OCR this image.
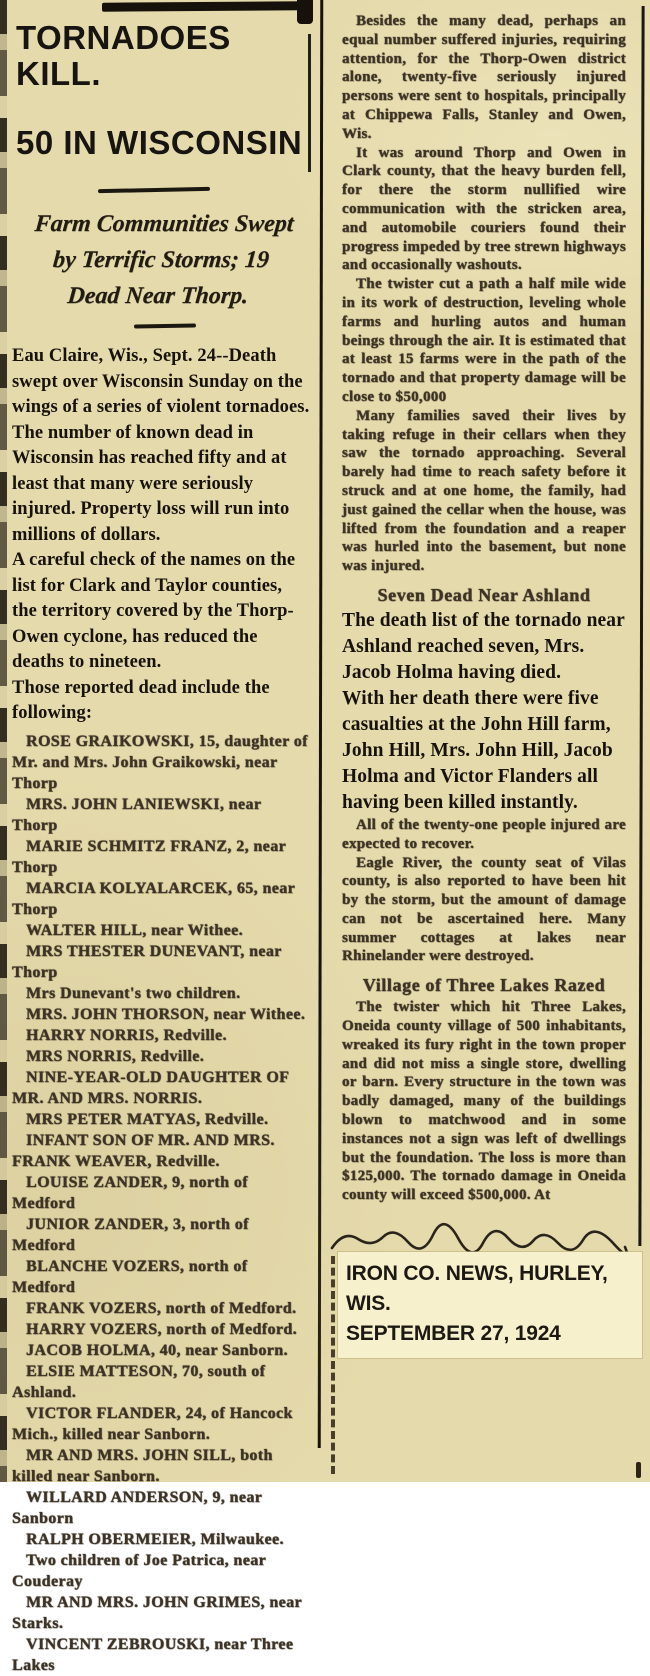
TORNADOES KILL.
50 IN WISCONSIN
Farm Communities Swept
by Terrific Storms; 19
Dead Near Thorp.

Eau Claire, Wis., Sept. 24--Death swept over Wisconsin Sunday on the wings of a series of violent tornadoes. The number of known dead in Wisconsin has reached fifty and at least that many were seriously injured. Property loss will run into millions of dollars.

A careful check of the names on the list for Clark and Taylor counties, the territory covered by the Thorp-Owen cyclone, has reduced the deaths to nineteen.

Those reported dead include the following:

ROSE GRAIKOWSKI, 15, daughter of Mr. and Mrs. John Graikowski, near Thorp

MRS. JOHN LANIEWSKI, near Thorp

MARIE SCHMITZ FRANZ, 2, near Thorp

MARCIA KOLYALARCEK, 65, near Thorp

WALTER HILL, near Withee.

MRS THESTER DUNEVANT, near Thorp

Mrs Dunevant's two children.

MRS. JOHN THORSON, near Withee.

HARRY NORRIS, Redville.

MRS NORRIS, Redville.

NINE-YEAR-OLD DAUGHTER OF MR. AND MRS. NORRIS.

MRS PETER MATYAS, Redville.

INFANT SON OF MR. AND MRS. FRANK WEAVER, Redville.

LOUISE ZANDER, 9, north of Medford

JUNIOR ZANDER, 3, north of Medford

BLANCHE VOZERS, north of Medford

FRANK VOZERS, north of Medford.

HARRY VOZERS, north of Medford.

JACOB HOLMA, 40, near Sanborn.

ELSIE MATTESON, 70, south of Ashland.

VICTOR FLANDER, 24, of Hancock Mich., killed near Sanborn.

MR AND MRS. JOHN SILL, both killed near Sanborn.

WILLARD ANDERSON, 9, near Sanborn

RALPH OBERMEIER, Milwaukee.

Two children of Joe Patrica, near Couderay

MR AND MRS. JOHN GRIMES, near Starks.

VINCENT ZEBROUSKI, near Three Lakes

Besides the many dead, perhaps an equal number suffered injuries, requiring attention, for the Thorp-Owen district alone, twenty-five seriously injured persons were sent to hospitals, principally at Chippewa Falls, Stanley and Owen, Wis.

It was around Thorp and Owen in Clark county, that the heavy burden fell, for there the storm nullified wire communication with the stricken area, and automobile couriers found their progress impeded by tree strewn highways and occasionally washouts.

The twister cut a path a half mile wide in its work of destruction, leveling whole farms and hurling autos and human beings through the air. It is estimated that at least 15 farms were in the path of the tornado and that property damage will be close to $50,000

Many families saved their lives by taking refuge in their cellars when they saw the tornado approaching. Several barely had time to reach safety before it struck and at one home, the family, had just gained the cellar when the house, was lifted from the foundation and a reaper was hurled into the basement, but none was injured.

Seven Dead Near Ashland

The death list of the tornado near Ashland reached seven, Mrs. Jacob Holma having died.

With her death there were five casualties at the John Hill farm, John Hill, Mrs. John Hill, Jacob Holma and Victor Flanders all having been killed instantly.

All of the twenty-one people injured are expected to recover.

Eagle River, the county seat of Vilas county, is also reported to have been hit by the storm, but the amount of damage can not be ascertained here. Many summer cottages at lakes near Rhinelander were destroyed.

Village of Three Lakes Razed

The twister which hit Three Lakes, Oneida county village of 500 inhabitants, wreaked its fury right in the town proper and did not miss a single store, dwelling or barn. Every structure in the town was badly damaged, many of the buildings blown to matchwood and in some instances not a sign was left of dwellings but the foundation. The loss is more than $125,000. The tornado damage in Oneida county will exceed $500,000. At

IRON CO. NEWS, HURLEY, WIS.

SEPTEMBER 27, 1924
